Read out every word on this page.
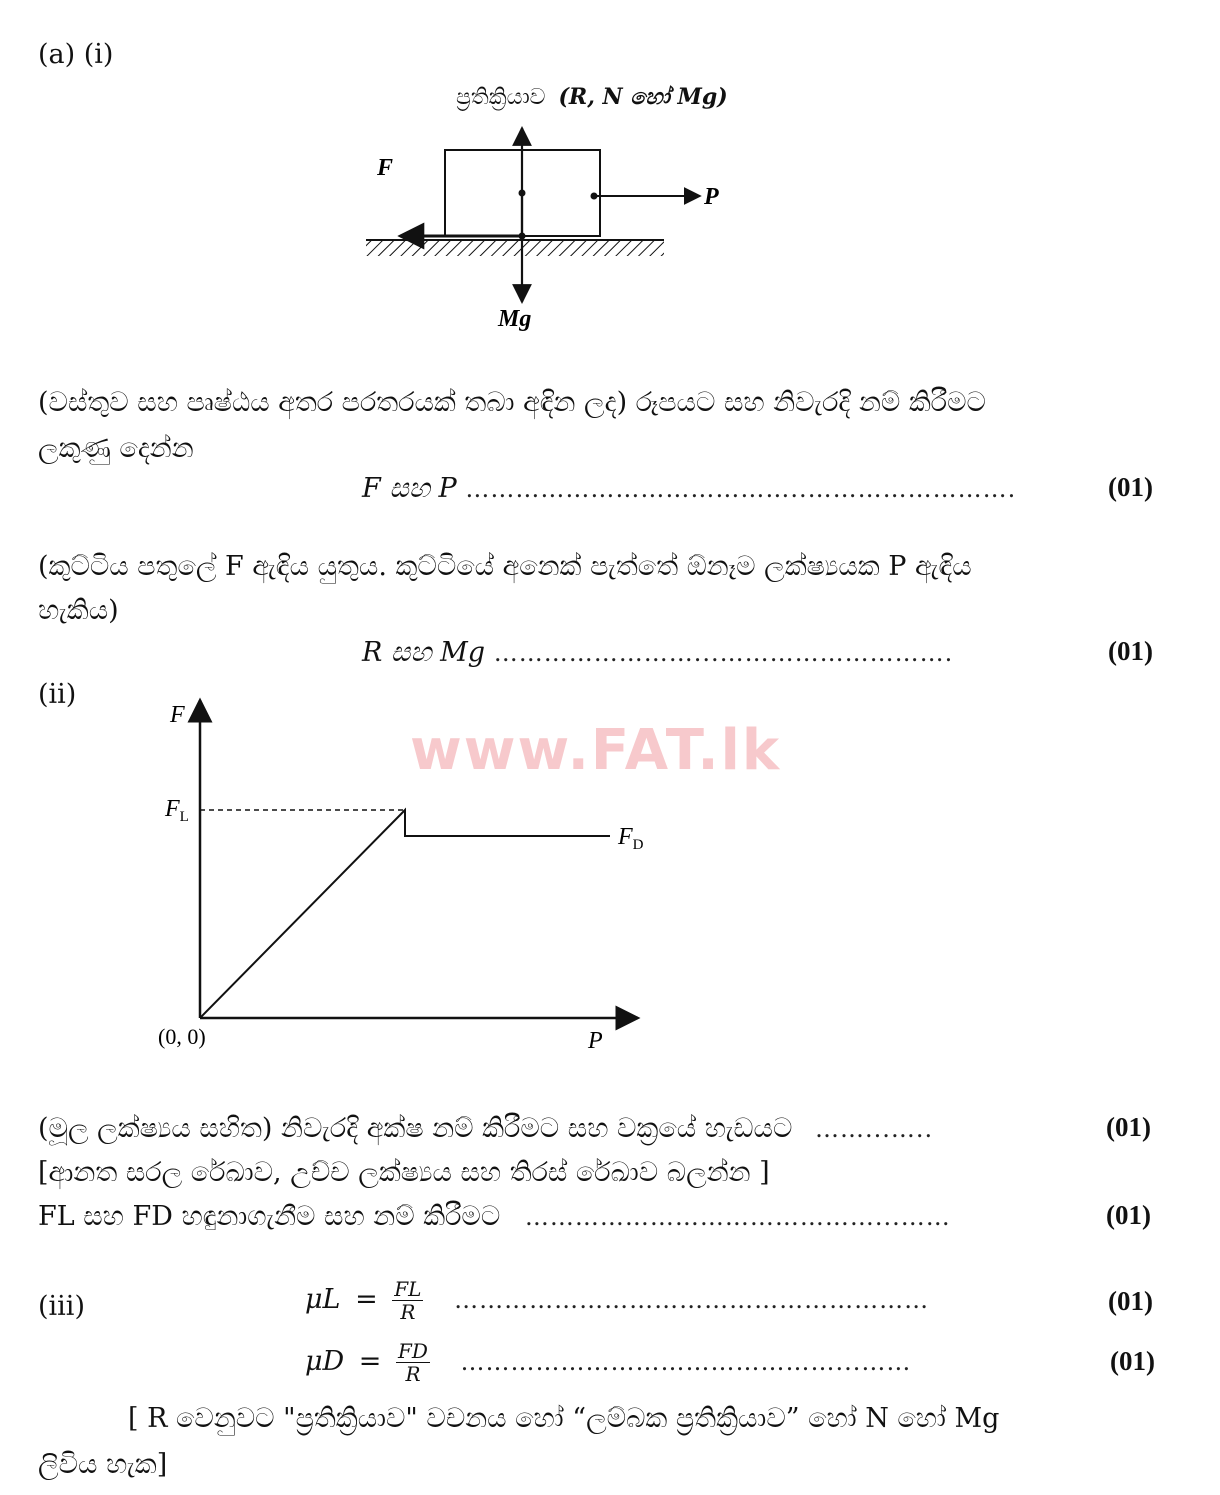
(a) (i)
F
P
Mg
ප්‍රතික්‍රියාව (R, N හෝ Mg)
(වස්තුව සහ පෘෂ්ඨය අතර පරතරයක් තබා අඳින ලද) රූපයට සහ නිවැරදි නම් කිරීමට
ලකුණු දෙන්න
F සහ P …………………………………..…………………….	(01)
(කුට්ටිය පතුලේ F ඇඳිය යුතුය. කුට්ටියේ අනෙක් පැත්තේ ඕනෑම ලක්ෂ්‍යයක P ඇඳිය
හැකිය)
R සහ Mg ……………………...……………………….	(01)
(ii)
www.FAT.lk
F
P
(0, 0)
$F_L$
$F_D$
(මූල ලක්ෂ්‍යය සහිත) නිවැරදි අක්ෂ නම් කිරීමට සහ වක්‍රයේ හැඩයට ……...…..	(01)
[ආනත සරල රේඛාව, උච්ච ලක්ෂ්‍යය සහ තිරස් රේඛාව බලන්න ]
FL සහ FD හඳුනාගැනීම සහ නම් කිරීමට ……………………………………...……	(01)
(iii)	$\mu L = \frac{FL}{R}$ …………………………………………………	(01)
$\mu D = \frac{FD}{R}$ ………………………………………...……	(01)
[ R වෙනුවට "ප්‍රතික්‍රියාව" වචනය හෝ “ලම්බක ප්‍රතික්‍රියාව” හෝ N හෝ Mg
ලිවිය හැක]
